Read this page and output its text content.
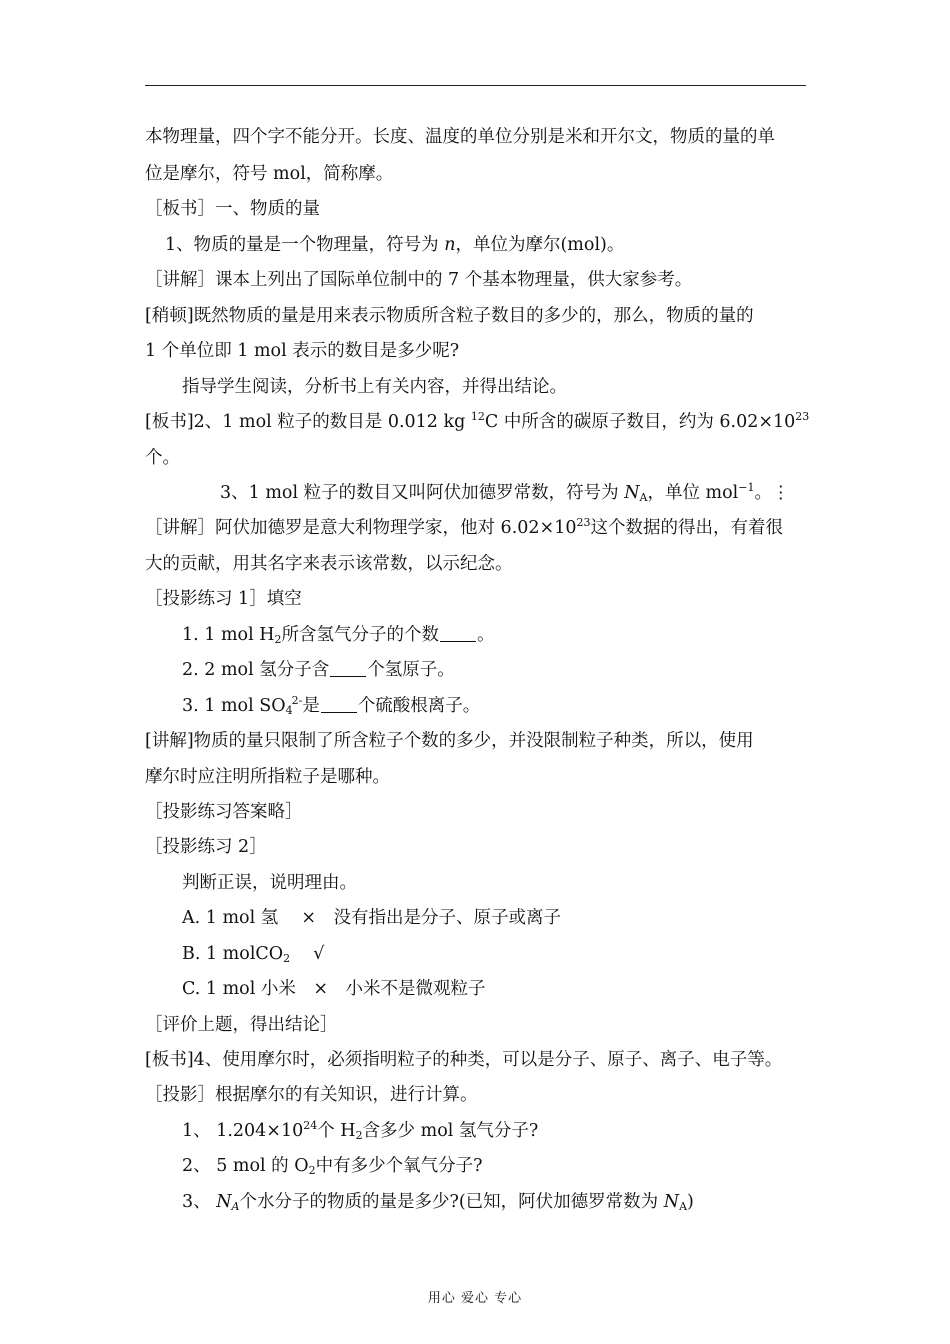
本物理量，四个字不能分开。长度、温度的单位分别是米和开尔文，物质的量的单
位是摩尔，符号 mol，简称摩。
［板书］一、物质的量
1、物质的量是一个物理量，符号为 n，单位为摩尔(mol)。
［讲解］课本上列出了国际单位制中的 7 个基本物理量，供大家参考。
[稍顿]既然物质的量是用来表示物质所含粒子数目的多少的，那么，物质的量的
1 个单位即 1 mol 表示的数目是多少呢?
指导学生阅读，分析书上有关内容，并得出结论。
[板书]2、1 mol 粒子的数目是 0.012 kg $^{12}$C 中所含的碳原子数目，约为 $6.02\times 10^{23}$
个。
3、1 mol 粒子的数目又叫阿伏加德罗常数，符号为 $N_A$，单位 mol$^{-1}$。⋮
［讲解］阿伏加德罗是意大利物理学家，他对 $6.02\times 10^{23}$这个数据的得出，有着很
大的贡献，用其名字来表示该常数，以示纪念。
［投影练习 1］填空
1. 1 mol $H_2$所含氢气分子的个数 。
2. 2 mol 氢分子含 个氢原子。
3. 1 mol $SO_4^{2-}$是 个硫酸根离子。
[讲解]物质的量只限制了所含粒子个数的多少，并没限制粒子种类，所以，使用
摩尔时应注明所指粒子是哪种。
［投影练习答案略］
［投影练习 2］
判断正误，说明理由。
A. 1 mol 氢　 ×　没有指出是分子、原子或离子
B. 1 molCO$_2$　 √
C. 1 mol 小米　×　小米不是微观粒子
［评价上题，得出结论］
[板书]4、使用摩尔时，必须指明粒子的种类，可以是分子、原子、离子、电子等。
［投影］根据摩尔的有关知识，进行计算。
1、 $1.204\times 10^{24}$个 $H_2$含多少 mol 氢气分子?
2、 5 mol 的 $O_2$中有多少个氧气分子?
3、 $N_A$个水分子的物质的量是多少?(已知，阿伏加德罗常数为 $N_A$)
用心 爱心 专心
